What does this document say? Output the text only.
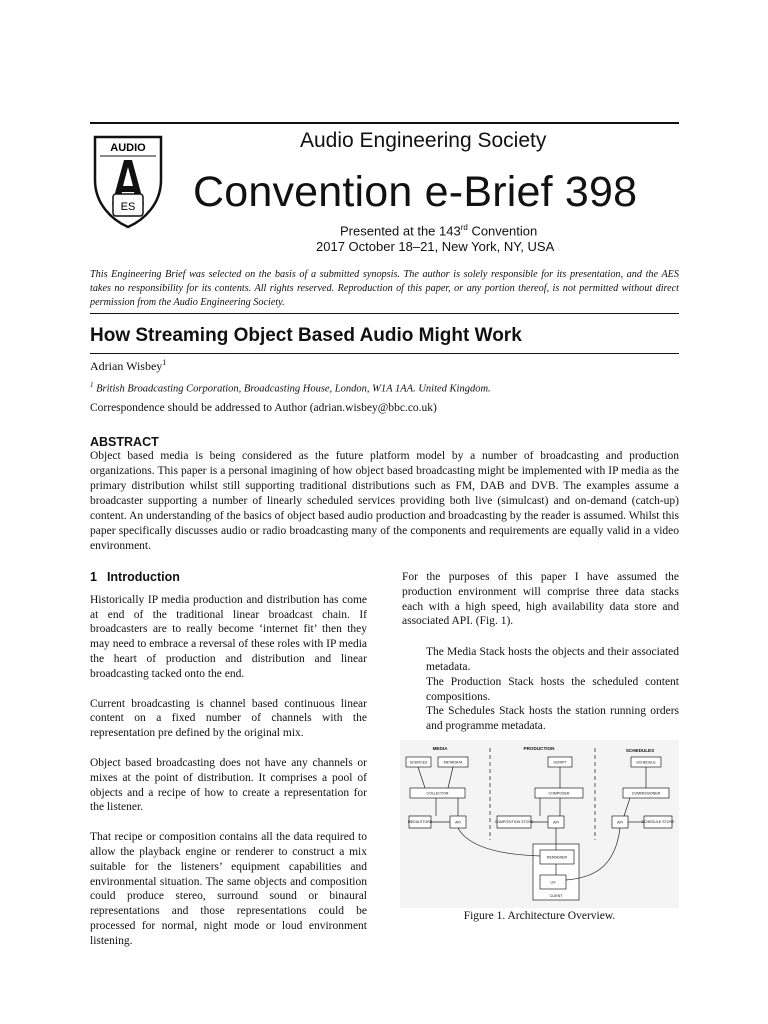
AUDIO
ES
Audio Engineering Society
Convention e-Brief 398
Presented at the 143rd Convention
2017 October 18–21, New York, NY, USA
This Engineering Brief was selected on the basis of a submitted synopsis. The author is solely responsible for its presentation, and the AES takes no responsibility for its contents. All rights reserved. Reproduction of this paper, or any portion thereof, is not permitted without direct permission from the Audio Engineering Society.
How Streaming Object Based Audio Might Work
Adrian Wisbey$^1$
$^1$ British Broadcasting Corporation, Broadcasting House, London, W1A 1AA. United Kingdom.
Correspondence should be addressed to Author (adrian.wisbey@bbc.co.uk)
ABSTRACT
Object based media is being considered as the future platform model by a number of broadcasting and production organizations. This paper is a personal imagining of how object based broadcasting might be implemented with IP media as the primary distribution whilst still supporting traditional distributions such as FM, DAB and DVB. The examples assume a broadcaster supporting a number of linearly scheduled services providing both live (simulcast) and on-demand (catch-up) content. An understanding of the basics of object based audio production and broadcasting by the reader is assumed. Whilst this paper specifically discusses audio or radio broadcasting many of the components and requirements are equally valid in a video environment.
1 Introduction

Historically IP media production and distribution has come at end of the traditional linear broadcast chain. If broadcasters are to really become ‘internet fit’ then they may need to embrace a reversal of these roles with IP media the heart of production and distribution and linear broadcasting tacked onto the end.

Current broadcasting is channel based continuous linear content on a fixed number of channels with the representation pre defined by the original mix.

Object based broadcasting does not have any channels or mixes at the point of distribution. It comprises a pool of objects and a recipe of how to create a representation for the listener.

That recipe or composition contains all the data required to allow the playback engine or renderer to construct a mix suitable for the listeners’ equipment capabilities and environmental situation. The same objects and composition could produce stereo, surround sound or binaural representations and those representations could be processed for normal, night mode or loud environment listening.

For the purposes of this paper I have assumed the production environment will comprise three data stacks each with a high speed, high availability data store and associated API. (Fig. 1).

The Media Stack hosts the objects and their associated metadata.

The Production Stack hosts the scheduled content compositions.

The Schedules Stack hosts the station running orders and programme metadata.

MEDIA	PRODUCTION	SCHEDULES
SOURCES	METADATA	SCRIPT	SCHEDULE
COLLECTOR	COMPOSER	COMMISSIONER
MEDIA STORE	COMPOSITION STORE	SCHEDULE STORE
API	API	API
RENDERER
UX
CLIENT
Figure 1. Architecture Overview.
